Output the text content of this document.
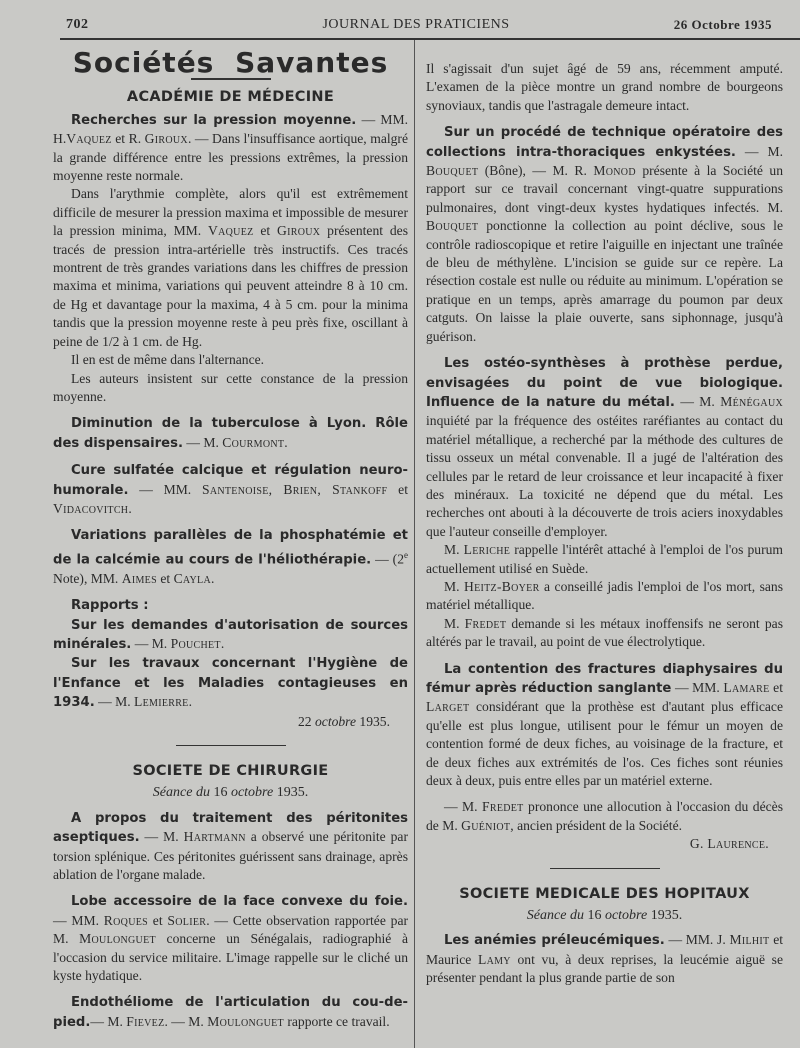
702	JOURNAL DES PRATICIENS	26 Octobre 1935
Sociétés Savantes
ACADÉMIE DE MÉDECINE

Recherches sur la pression moyenne. — MM. H.Vaquez et R. Giroux. — Dans l'insuffisance aortique, malgré la grande différence entre les pressions extrêmes, la pression moyenne reste normale.

Dans l'arythmie complète, alors qu'il est extrêmement difficile de mesurer la pression maxima et impossible de mesurer la pression minima, MM. Vaquez et Giroux présentent des tracés de pression intra-artérielle très instructifs. Ces tracés montrent de très grandes variations dans les chiffres de pression maxima et minima, variations qui peuvent atteindre 8 à 10 cm. de Hg et davantage pour la maxima, 4 à 5 cm. pour la minima tandis que la pression moyenne reste à peu près fixe, oscillant à peine de 1/2 à 1 cm. de Hg.

Il en est de même dans l'alternance.

Les auteurs insistent sur cette constance de la pression moyenne.

Diminution de la tuberculose à Lyon. Rôle des dispensaires. — M. Courmont.

Cure sulfatée calcique et régulation neuro-humorale. — MM. Santenoise, Brien, Stankoff et Vidacovitch.

Variations parallèles de la phosphatémie et de la calcémie au cours de l'héliothérapie. — (2e Note), MM. Aimes et Cayla.

Rapports :

Sur les demandes d'autorisation de sources minérales. — M. Pouchet.

Sur les travaux concernant l'Hygiène de l'Enfance et les Maladies contagieuses en 1934. — M. Lemierre.

22 octobre 1935.

SOCIETE DE CHIRURGIE
Séance du 16 octobre 1935.

A propos du traitement des péritonites aseptiques. — M. Hartmann a observé une péritonite par torsion splénique. Ces péritonites guérissent sans drainage, après ablation de l'organe malade.

Lobe accessoire de la face convexe du foie. — MM. Roques et Solier. — Cette observation rapportée par M. Moulonguet concerne un Sénégalais, radiographié à l'occasion du service militaire. L'image rappelle sur le cliché un kyste hydatique.

Endothéliome de l'articulation du cou-de-pied.— M. Fievez. — M. Moulonguet rapporte ce travail.

Il s'agissait d'un sujet âgé de 59 ans, récemment amputé. L'examen de la pièce montre un grand nombre de bourgeons synoviaux, tandis que l'astragale demeure intact.

Sur un procédé de technique opératoire des collections intra-thoraciques enkystées. — M. Bouquet (Bône), — M. R. Monod présente à la Société un rapport sur ce travail concernant vingt-quatre suppurations pulmonaires, dont vingt-deux kystes hydatiques infectés. M. Bouquet ponctionne la collection au point déclive, sous le contrôle radioscopique et retire l'aiguille en injectant une traînée de bleu de méthylène. L'incision se guide sur ce repère. La résection costale est nulle ou réduite au minimum. L'opération se pratique en un temps, après amarrage du poumon par deux catguts. On laisse la plaie ouverte, sans siphonnage, jusqu'à guérison.

Les ostéo-synthèses à prothèse perdue, envisagées du point de vue biologique. Influence de la nature du métal. — M. Ménégaux inquiété par la fréquence des ostéites raréfiantes au contact du matériel métallique, a recherché par la méthode des cultures de tissu osseux un métal convenable. Il a jugé de l'altération des cellules par le retard de leur croissance et leur incapacité à fixer des minéraux. La toxicité ne dépend que du métal. Les recherches ont abouti à la découverte de trois aciers inoxydables que l'auteur conseille d'employer.

M. Leriche rappelle l'intérêt attaché à l'emploi de l'os purum actuellement utilisé en Suède.

M. Heitz-Boyer a conseillé jadis l'emploi de l'os mort, sans matériel métallique.

M. Fredet demande si les métaux inoffensifs ne seront pas altérés par le travail, au point de vue électrolytique.

La contention des fractures diaphysaires du fémur après réduction sanglante — MM. Lamare et Larget considérant que la prothèse est d'autant plus efficace qu'elle est plus longue, utilisent pour le fémur un moyen de contention formé de deux fiches, au voisinage de la fracture, et de deux fiches aux extrémités de l'os. Ces fiches sont réunies deux à deux, puis entre elles par un matériel externe.

— M. Fredet prononce une allocution à l'occasion du décès de M. Guéniot, ancien président de la Société.

G. Laurence.

SOCIETE MEDICALE DES HOPITAUX
Séance du 16 octobre 1935.

Les anémies préleucémiques. — MM. J. Milhit et Maurice Lamy ont vu, à deux reprises, la leucémie aiguë se présenter pendant la plus grande partie de son
